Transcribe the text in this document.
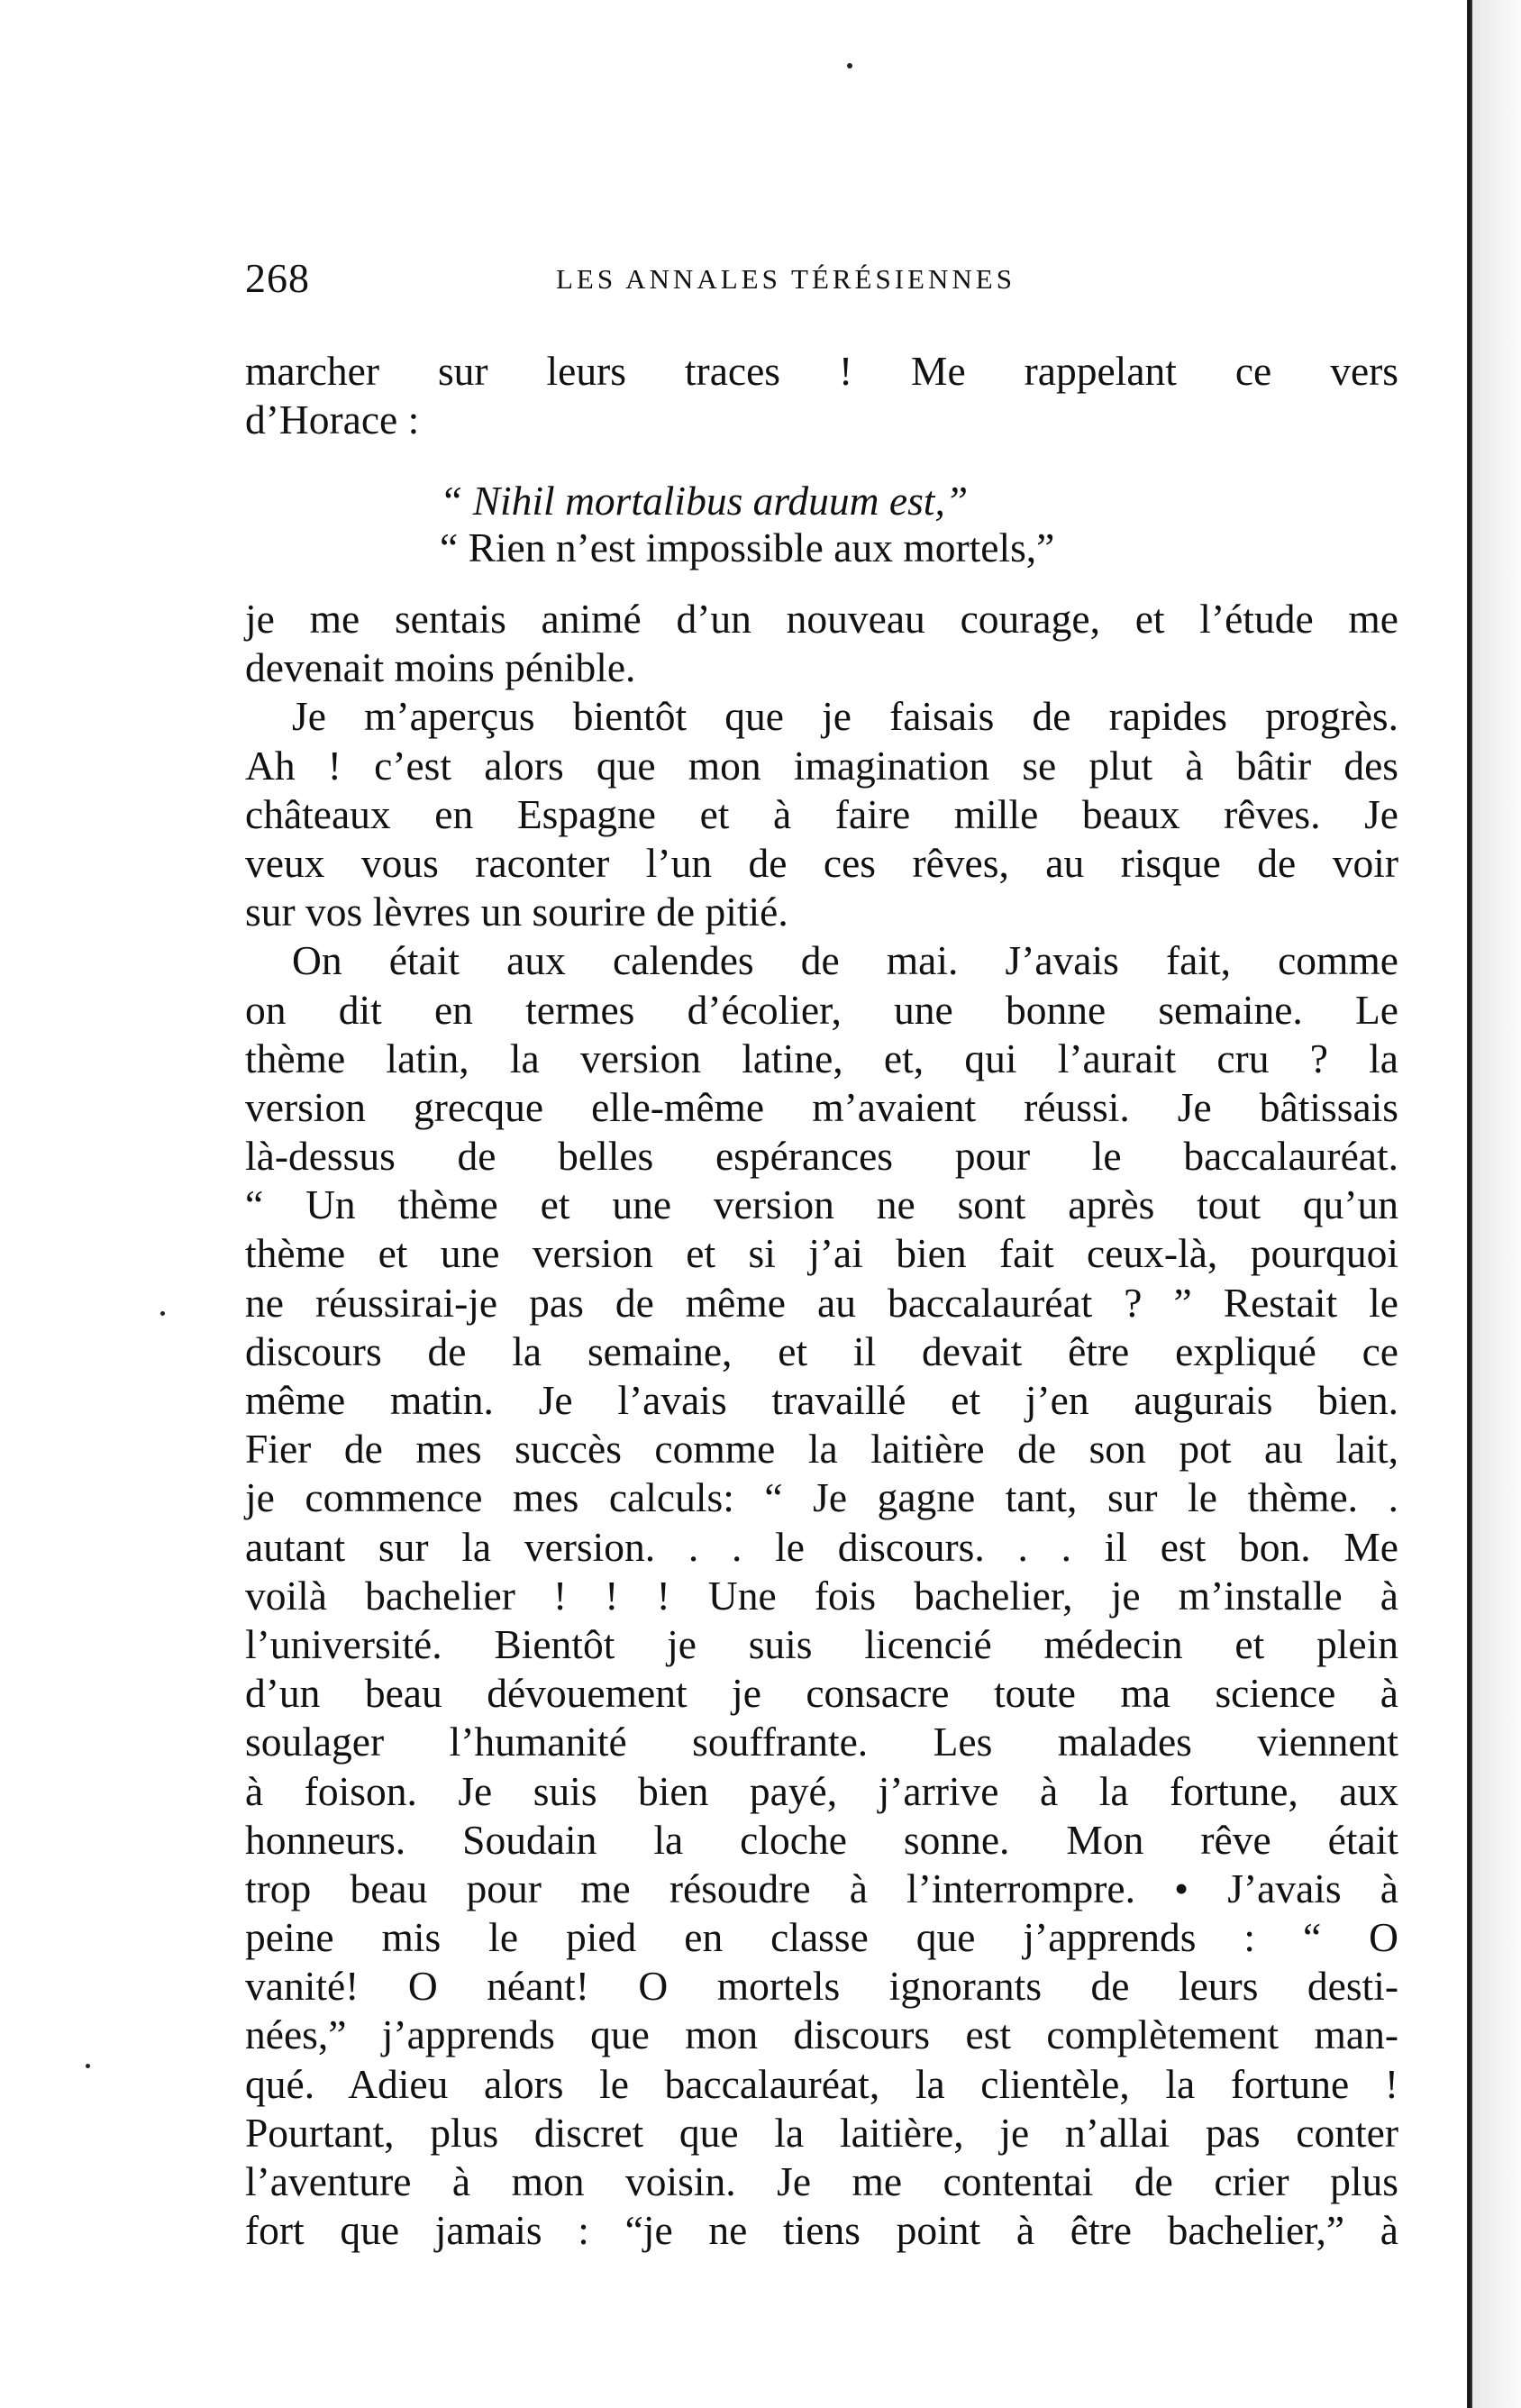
268	LES ANNALES TÉRÉSIENNES
marcher sur leurs traces ! Me rappelant ce vers
d’Horace :
“ Nihil mortalibus arduum est,”
“ Rien n’est impossible aux mortels,”
je me sentais animé d’un nouveau courage, et l’étude me
devenait moins pénible.
Je m’aperçus bientôt que je faisais de rapides progrès.
Ah ! c’est alors que mon imagination se plut à bâtir des
châteaux en Espagne et à faire mille beaux rêves. Je
veux vous raconter l’un de ces rêves, au risque de voir
sur vos lèvres un sourire de pitié.
On était aux calendes de mai. J’avais fait, comme
on dit en termes d’écolier, une bonne semaine. Le
thème latin, la version latine, et, qui l’aurait cru ? la
version grecque elle-même m’avaient réussi. Je bâtissais
là-dessus de belles espérances pour le baccalauréat.
“ Un thème et une version ne sont après tout qu’un
thème et une version et si j’ai bien fait ceux-là, pourquoi
ne réussirai-je pas de même au baccalauréat ? ” Restait le
discours de la semaine, et il devait être expliqué ce
même matin. Je l’avais travaillé et j’en augurais bien.
Fier de mes succès comme la laitière de son pot au lait,
je commence mes calculs: “ Je gagne tant, sur le thème. .
autant sur la version. . . le discours. . . il est bon. Me
voilà bachelier ! ! ! Une fois bachelier, je m’installe à
l’université. Bientôt je suis licencié médecin et plein
d’un beau dévouement je consacre toute ma science à
soulager l’humanité souffrante. Les malades viennent
à foison. Je suis bien payé, j’arrive à la fortune, aux
honneurs. Soudain la cloche sonne. Mon rêve était
trop beau pour me résoudre à l’interrompre. • J’avais à
peine mis le pied en classe que j’apprends : “ O
vanité! O néant! O mortels ignorants de leurs desti-
nées,” j’apprends que mon discours est complètement man-
qué. Adieu alors le baccalauréat, la clientèle, la fortune !
Pourtant, plus discret que la laitière, je n’allai pas conter
l’aventure à mon voisin. Je me contentai de crier plus
fort que jamais : “je ne tiens point à être bachelier,” à
